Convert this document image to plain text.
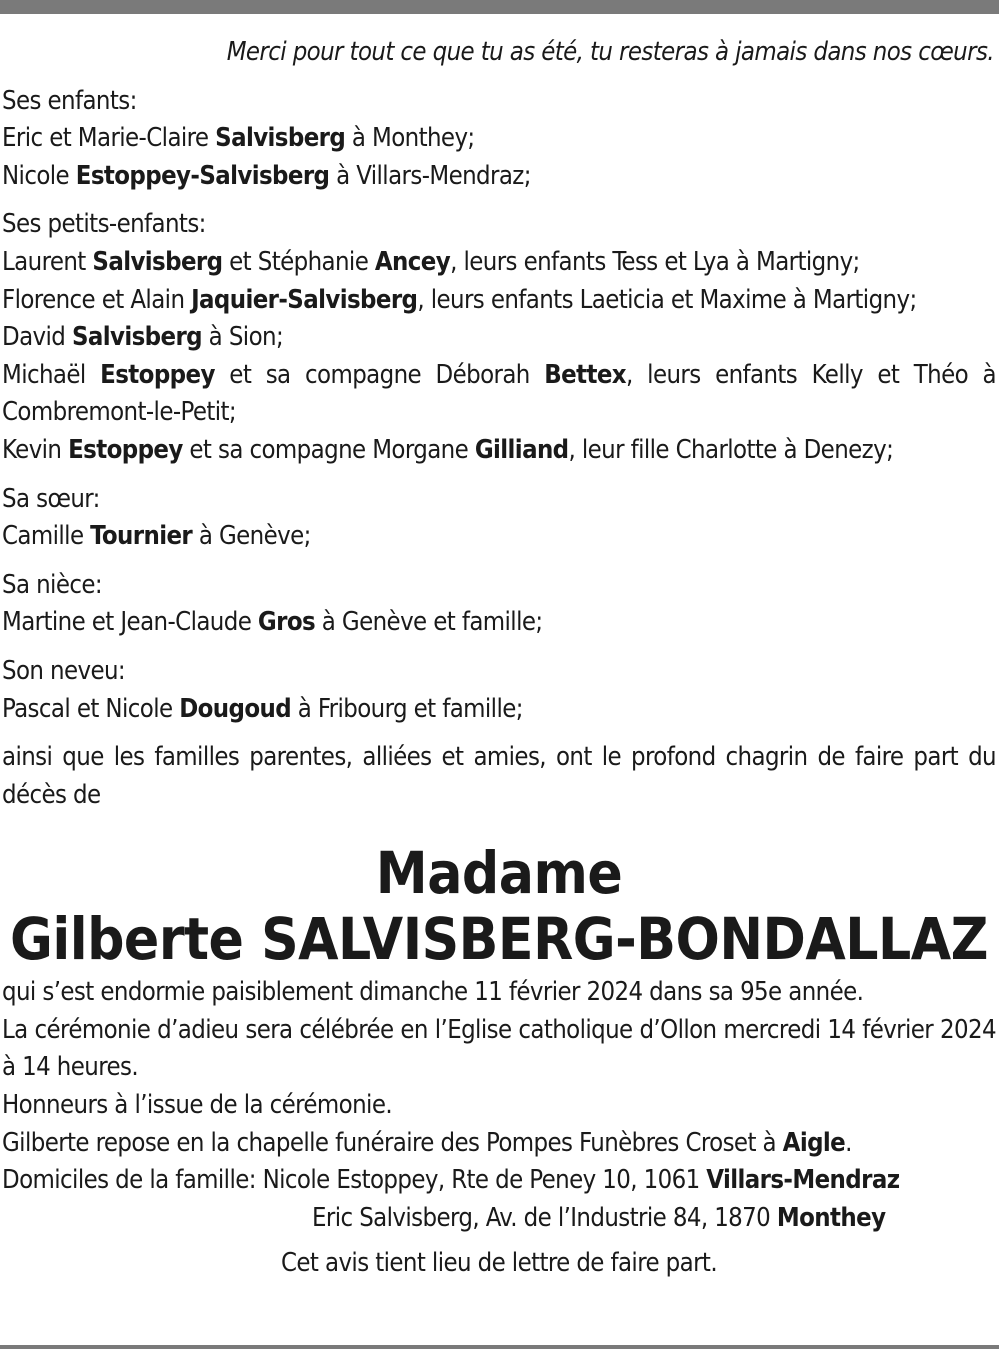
Merci pour tout ce que tu as été, tu resteras à jamais dans nos cœurs.

Ses enfants:

Eric et Marie-Claire Salvisberg à Monthey;

Nicole Estoppey-Salvisberg à Villars-Mendraz;

Ses petits-enfants:

Laurent Salvisberg et Stéphanie Ancey, leurs enfants Tess et Lya à Martigny;

Florence et Alain Jaquier-Salvisberg, leurs enfants Laeticia et Maxime à Martigny;

David Salvisberg à Sion;

Michaël Estoppey et sa compagne Déborah Bettex, leurs enfants Kelly et Théo à Combremont-le-Petit;

Kevin Estoppey et sa compagne Morgane Gilliand, leur fille Charlotte à Denezy;

Sa sœur:

Camille Tournier à Genève;

Sa nièce:

Martine et Jean-Claude Gros à Genève et famille;

Son neveu:

Pascal et Nicole Dougoud à Fribourg et famille;

ainsi que les familles parentes, alliées et amies, ont le profond chagrin de faire part du décès de

Madame
Gilberte SALVISBERG-BONDALLAZ

qui s’est endormie paisiblement dimanche 11 février 2024 dans sa 95e année.

La cérémonie d’adieu sera célébrée en l’Eglise catholique d’Ollon mercredi 14 février 2024 à 14 heures.

Honneurs à l’issue de la cérémonie.

Gilberte repose en la chapelle funéraire des Pompes Funèbres Croset à Aigle.

Domiciles de la famille: Nicole Estoppey, Rte de Peney 10, 1061 Villars-Mendraz

Eric Salvisberg, Av. de l’Industrie 84, 1870 Monthey

Cet avis tient lieu de lettre de faire part.
